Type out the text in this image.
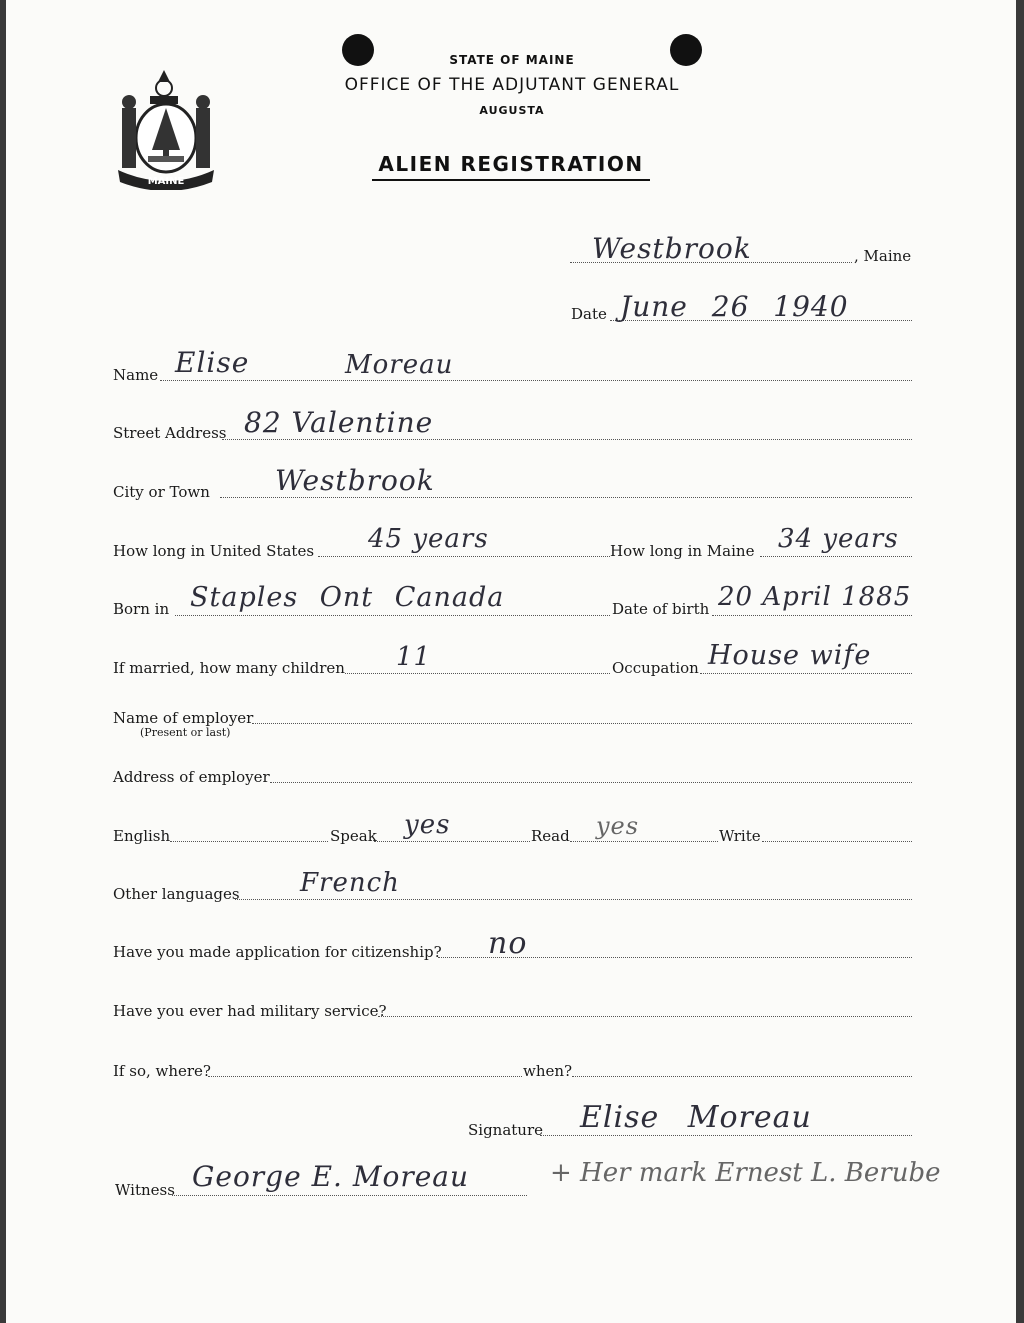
MAINE
STATE OF MAINE
OFFICE OF THE ADJUTANT GENERAL
AUGUSTA
ALIEN REGISTRATION
Westbrook	, Maine
Date June 26 1940
Name Elise	Moreau
Street Address 82 Valentine
City or Town Westbrook
How long in United States 45 years	How long in Maine 34 years
Born in Staples Ont Canada	Date of birth 20 April 1885
If married, how many children 11	Occupation House wife
Name of employer
(Present or last)
Address of employer
English	Speak yes	Read yes	Write
Other languages French
Have you made application for citizenship? no
Have you ever had military service?
If so, where?	when?
Signature Elise Moreau
Witness George E. Moreau	+ Her mark Ernest L. Berube
